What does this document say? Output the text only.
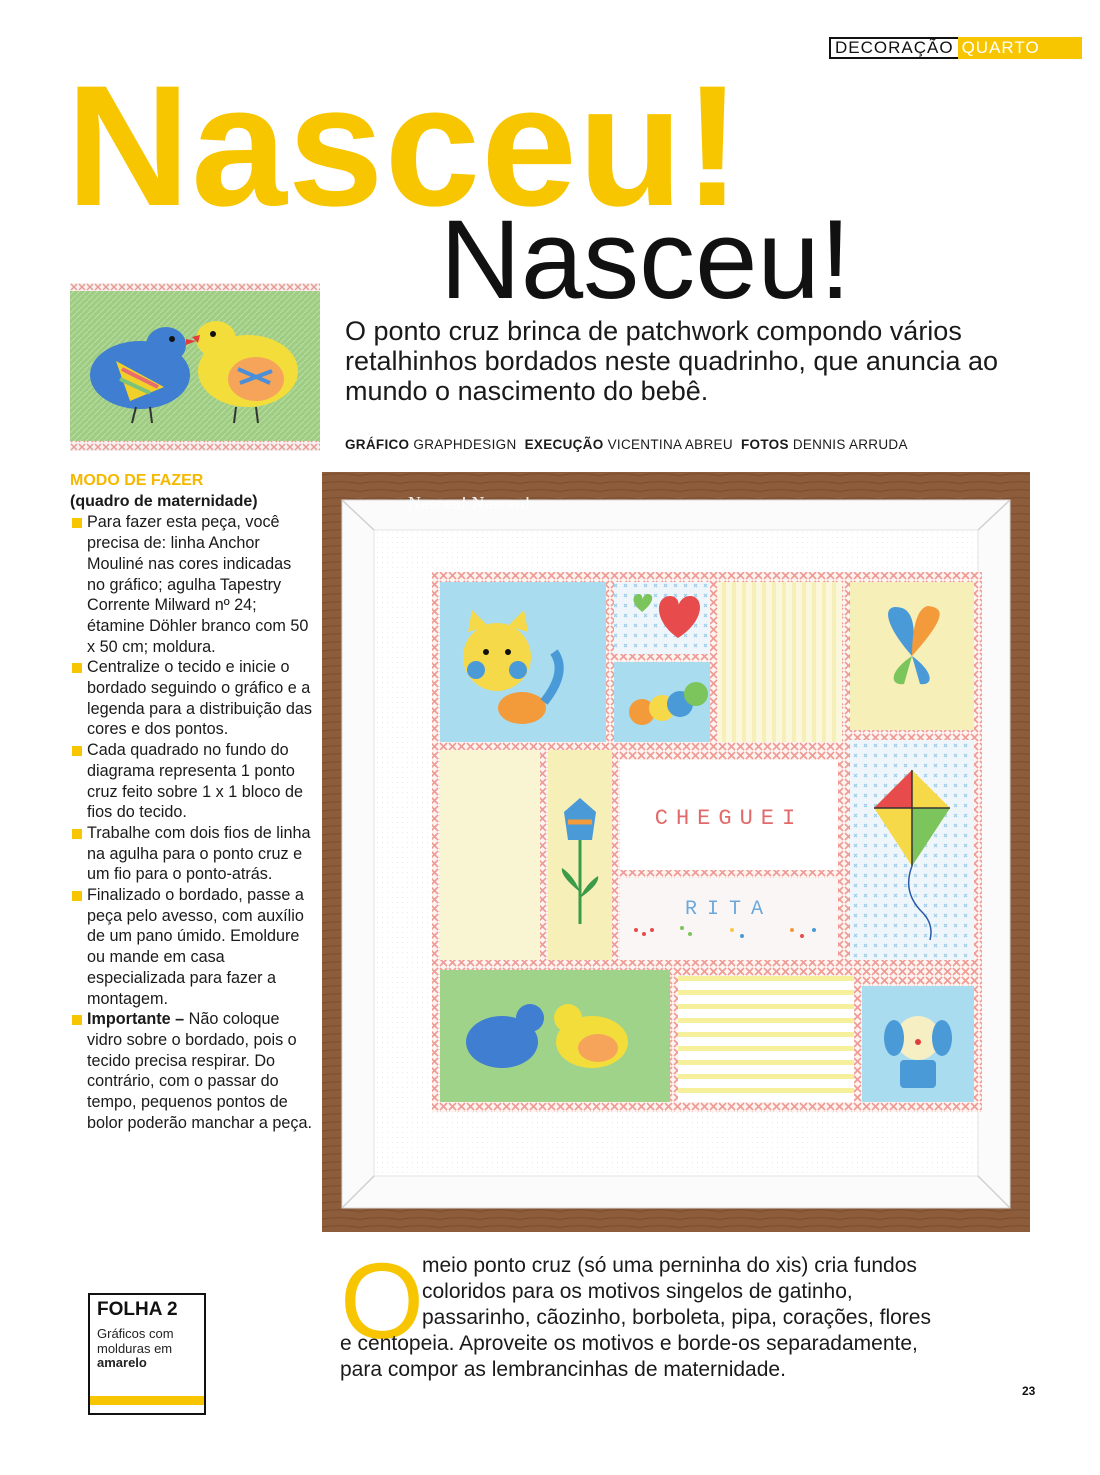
DECORAÇÃO QUARTO
Nasceu!
Nasceu!
O ponto cruz brinca de patchwork compondo vários retalhinhos bordados neste quadrinho, que anuncia ao mundo o nascimento do bebê.
GRÁFICO GRAPHDESIGN EXECUÇÃO VICENTINA ABREU FOTOS DENNIS ARRUDA
MODO DE FAZER
(quadro de maternidade)
Para fazer esta peça, você precisa de: linha Anchor Mouliné nas cores indicadas no gráfico; agulha Tapestry Corrente Milward nº 24; étamine Döhler branco com 50 x 50 cm; moldura.
Centralize o tecido e inicie o bordado seguindo o gráfico e a legenda para a distribuição das cores e dos pontos.
Cada quadrado no fundo do diagrama representa 1 ponto cruz feito sobre 1 x 1 bloco de fios do tecido.
Trabalhe com dois fios de linha na agulha para o ponto cruz e um fio para o ponto-atrás.
Finalizado o bordado, passe a peça pelo avesso, com auxílio de um pano úmido. Emoldure ou mande em casa especializada para fazer a montagem.
Importante – Não coloque vidro sobre o bordado, pois o tecido precisa respirar. Do contrário, com o passar do tempo, pequenos pontos de bolor poderão manchar a peça.
CHEGUEI
RITA
Nasceu! Nasceu!
O
meio ponto cruz (só uma perninha do xis) cria fundos
coloridos para os motivos singelos de gatinho,
passarinho, cãozinho, borboleta, pipa, corações, flores
e centopeia. Aproveite os motivos e borde-os separadamente,
para compor as lembrancinhas de maternidade.
FOLHA 2
Gráficos com molduras em amarelo
23
